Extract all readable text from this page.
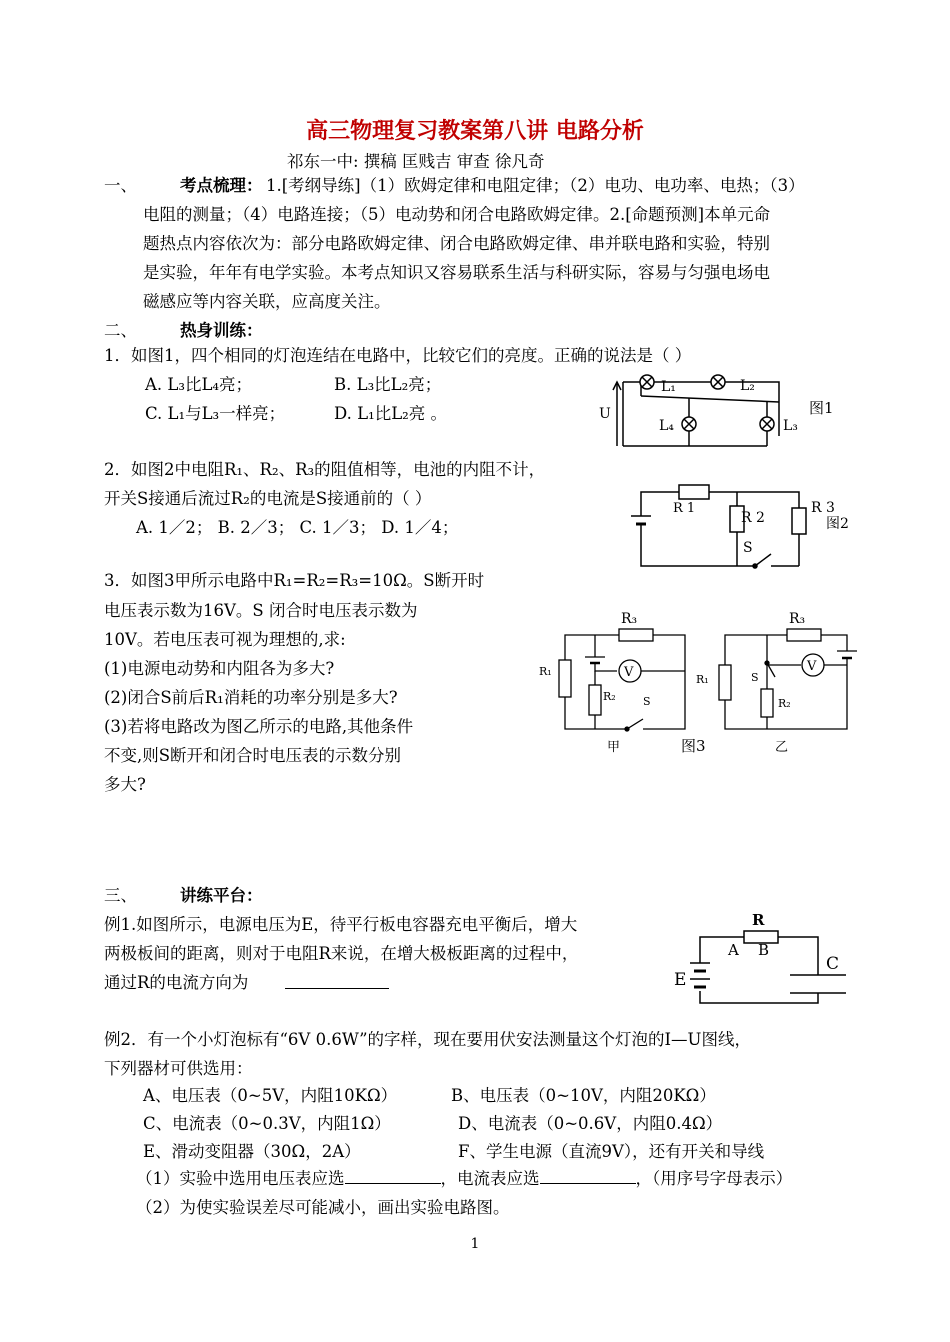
高三物理复习教案第八讲 电路分析
祁东一中: 撰稿 匡贱吉 审查 徐凡奇
一、	考点梳理： 1.[考纲导练]（1）欧姆定律和电阻定律；（2）电功、电功率、电热；（3）
电阻的测量；（4）电路连接；（5）电动势和闭合电路欧姆定律。2.[命题预测]本单元命
题热点内容依次为：部分电路欧姆定律、闭合电路欧姆定律、串并联电路和实验，特别
是实验，年年有电学实验。本考点知识又容易联系生活与科研实际，容易与匀强电场电
磁感应等内容关联，应高度关注。
二、	热身训练：
1．如图1，四个相同的灯泡连结在电路中，比较它们的亮度。正确的说法是（ ）
A. L₃比L₄亮；	B. L₃比L₂亮；
C. L₁与L₃一样亮；	D. L₁比L₂亮 。	U
L₁	L₂
L₄	L₃
图1
2．如图2中电阻R₁、R₂、R₃的阻值相等，电池的内阻不计，
开关S接通后流过R₂的电流是S接通前的（ ）
A. 1／2； B. 2／3； C. 1／3； D. 1／4；
R 1
R 2
R 3
S
图2
3．如图3甲所示电路中R₁=R₂=R₃=10Ω。S断开时
电压表示数为16V。S 闭合时电压表示数为
10V。若电压表可视为理想的,求:
(1)电源电动势和内阻各为多大?
(2)闭合S前后R₁消耗的功率分别是多大?
(3)若将电路改为图乙所示的电路,其他条件
不变,则S断开和闭合时电压表的示数分别
多大?
R₃
R₁	V
R₂ S
R₃
R₁	S
V
R₂
甲	图3	乙
三、	讲练平台：
例1.如图所示，电源电压为E，待平行板电容器充电平衡后，增大
两极板间的距离，则对于电阻R来说，在增大极板距离的过程中，
通过R的电流方向为
R
A B
C
E
例2．有一个小灯泡标有“6V 0.6W”的字样，现在要用伏安法测量这个灯泡的I—U图线，
下列器材可供选用：
A、电压表（0~5V，内阻10KΩ）	B、电压表（0~10V，内阻20KΩ）
C、电流表（0~0.3V，内阻1Ω）	D、电流表（0~0.6V，内阻0.4Ω）
E、滑动变阻器（30Ω，2A）	F、学生电源（直流9V），还有开关和导线
（1）实验中选用电压表应选	，电流表应选	，（用序号字母表示）
（2）为使实验误差尽可能减小，画出实验电路图。
1
